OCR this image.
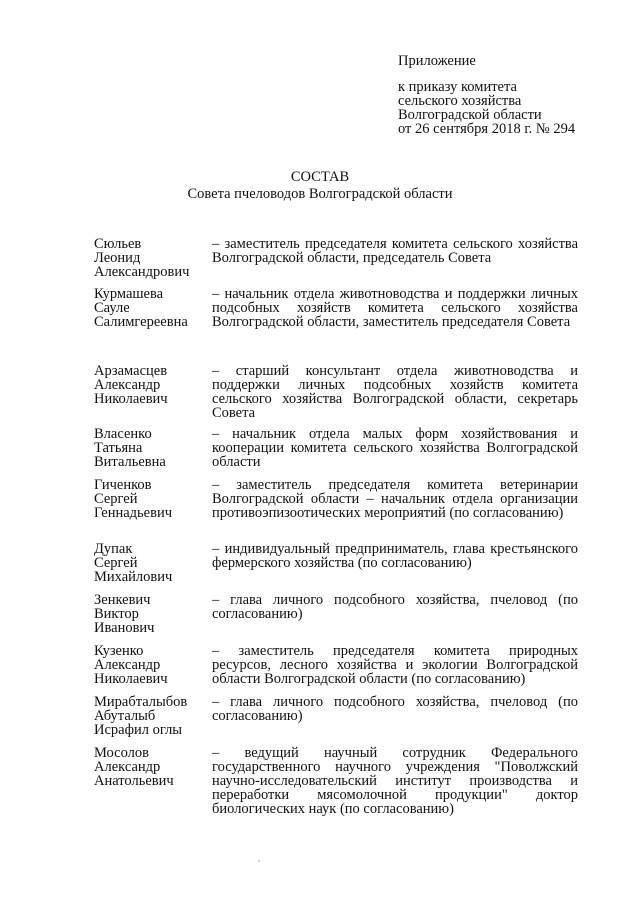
Приложение
к приказу комитета
сельского хозяйства
Волгоградской области
от 26 сентября 2018 г. № 294
СОСТАВ
Совета пчеловодов Волгоградской области
Сюльев
Леонид
Александрович
– заместитель председателя комитета сельского хозяйства Волгоградской области, председатель Совета
Курмашева
Сауле
Салимгереевна
– начальник отдела животноводства и поддержки личных подсобных хозяйств комитета сельского хозяйства Волгоградской области, заместитель председателя Совета
Арзамасцев
Александр
Николаевич
– старший консультант отдела животноводства и поддержки личных подсобных хозяйств комитета сельского хозяйства Волгоградской области, секретарь Совета
Власенко
Татьяна
Витальевна
– начальник отдела малых форм хозяйствования и кооперации комитета сельского хозяйства Волгоградской области
Гиченков
Сергей
Геннадьевич
– заместитель председателя комитета ветеринарии Волгоградской области – начальник отдела организации противоэпизоотических мероприятий (по согласованию)
Дупак
Сергей
Михайлович
– индивидуальный предприниматель, глава крестьянского фермерского хозяйства (по согласованию)
Зенкевич
Виктор
Иванович
– глава личного подсобного хозяйства, пчеловод (по согласованию)
Кузенко
Александр
Николаевич
– заместитель председателя комитета природных ресурсов, лесного хозяйства и экологии Волгоградской области Волгоградской области (по согласованию)
Мирабталыбов
Абуталыб
Исрафил оглы
– глава личного подсобного хозяйства, пчеловод (по согласованию)
Мосолов
Александр
Анатольевич
– ведущий научный сотрудник Федерального государственного научного учреждения "Поволжский научно-исследовательский институт производства и переработки мясомолочной продукции" доктор биологических наук (по согласованию)
